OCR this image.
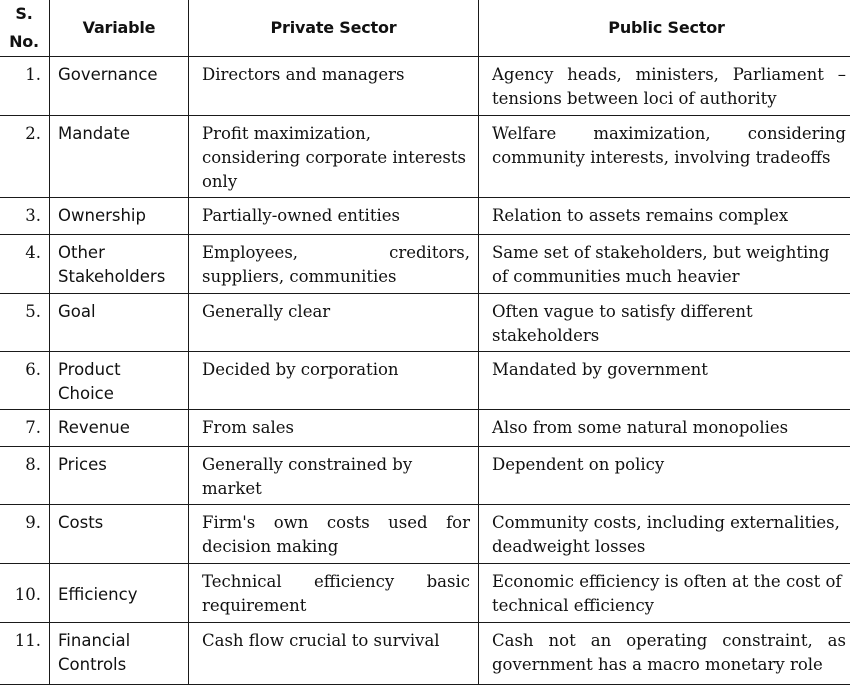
S. No.	Variable	Private Sector	Public Sector
1.	Governance	Directors and managers	Agency heads, ministers, Parliament – tensions between loci of authority
2.	Mandate	Profit maximization, considering corporate interests only	Welfare maximization, considering community interests, involving tradeoffs
3.	Ownership	Partially-owned entities	Relation to assets remains complex
4.	Other Stakeholders	Employees, creditors, suppliers, communities	Same set of stakeholders, but weighting of communities much heavier
5.	Goal	Generally clear	Often vague to satisfy different stakeholders
6.	Product Choice	Decided by corporation	Mandated by government
7.	Revenue	From sales	Also from some natural monopolies
8.	Prices	Generally constrained by market	Dependent on policy
9.	Costs	Firm's own costs used for decision making	Community costs, including externalities, deadweight losses
10.	Efficiency	Technical efficiency basic requirement	Economic efficiency is often at the cost of technical efficiency
11.	Financial Controls	Cash flow crucial to survival	Cash not an operating constraint, as government has a macro monetary role
